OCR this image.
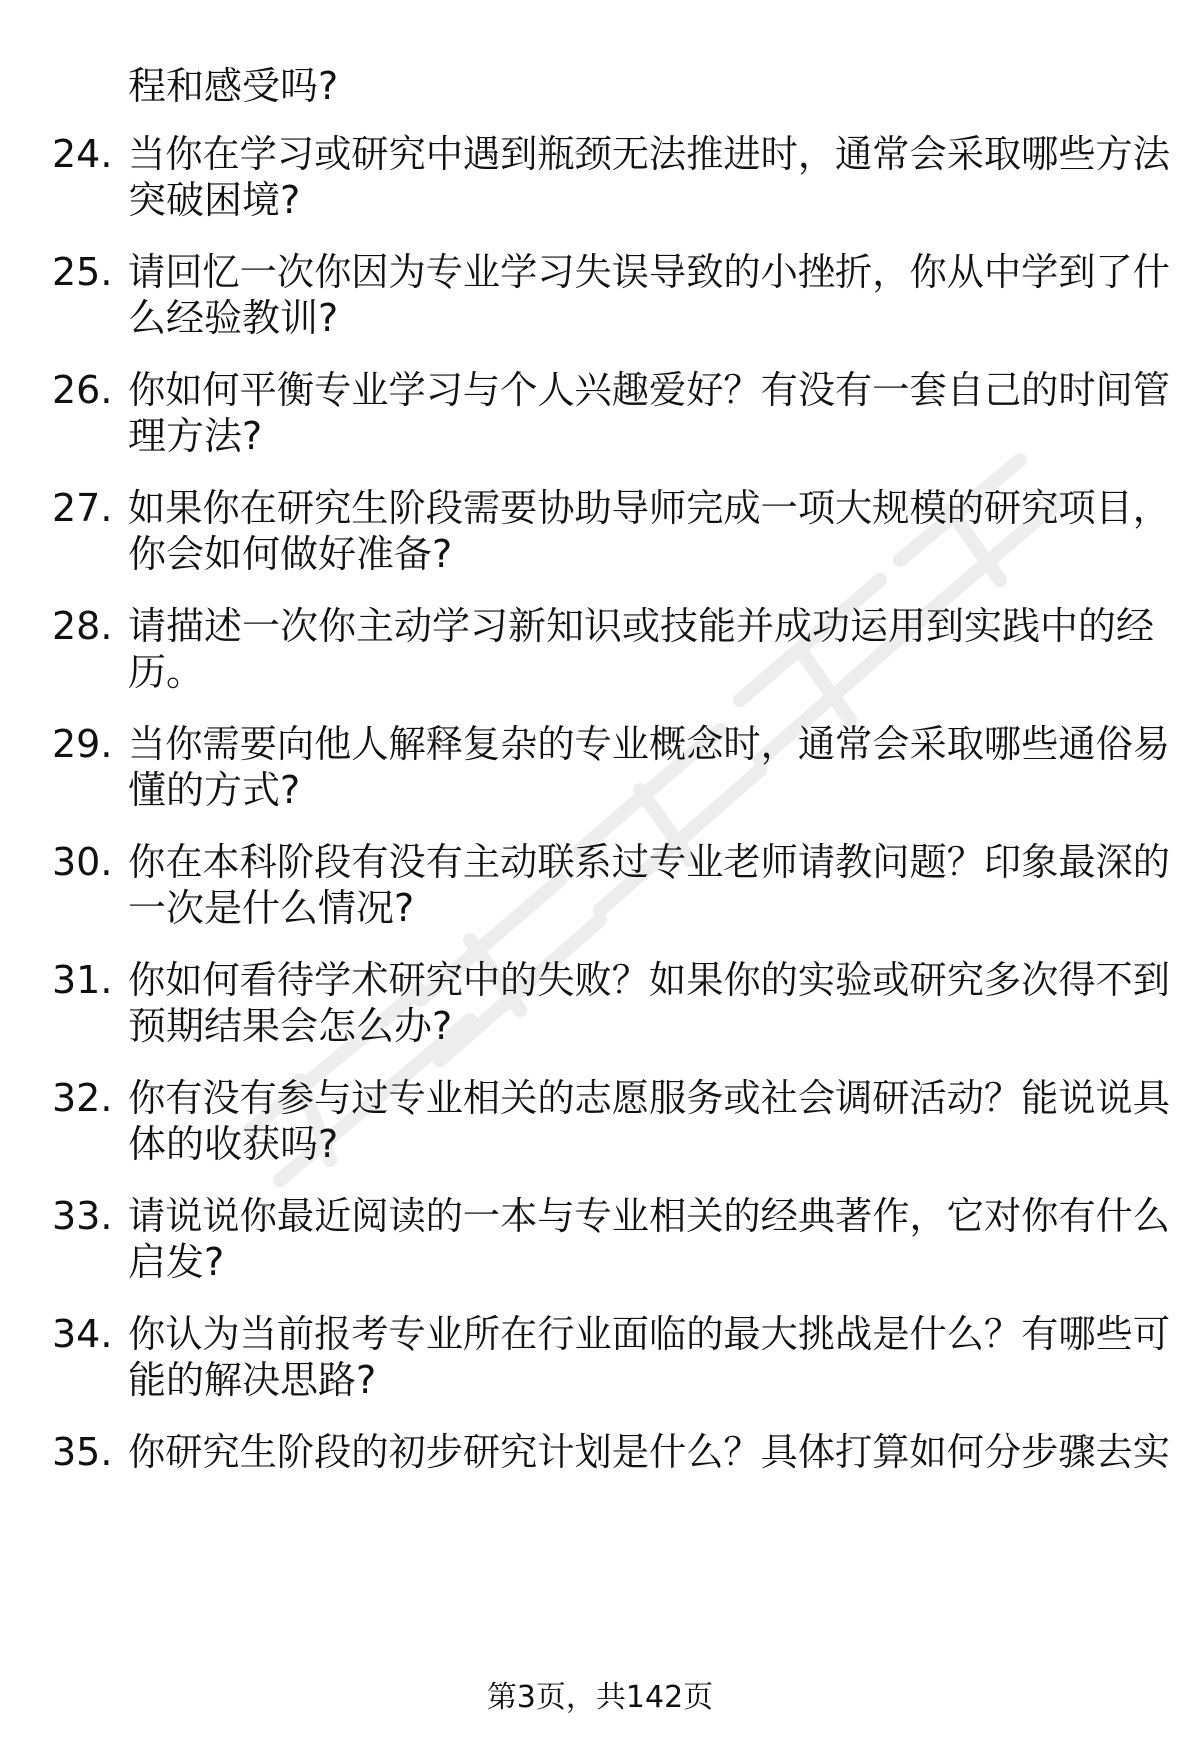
程和感受吗?
24. 当你在学习或研究中遇到瓶颈无法推进时，通常会采取哪些方法
突破困境?
25. 请回忆一次你因为专业学习失误导致的小挫折，你从中学到了什
么经验教训?
26. 你如何平衡专业学习与个人兴趣爱好？有没有一套自己的时间管
理方法?
27. 如果你在研究生阶段需要协助导师完成一项大规模的研究项目，
你会如何做好准备?
28. 请描述一次你主动学习新知识或技能并成功运用到实践中的经
历。
29. 当你需要向他人解释复杂的专业概念时，通常会采取哪些通俗易
懂的方式?
30. 你在本科阶段有没有主动联系过专业老师请教问题？印象最深的
一次是什么情况?
31. 你如何看待学术研究中的失败？如果你的实验或研究多次得不到
预期结果会怎么办?
32. 你有没有参与过专业相关的志愿服务或社会调研活动？能说说具
体的收获吗?
33. 请说说你最近阅读的一本与专业相关的经典著作，它对你有什么
启发?
34. 你认为当前报考专业所在行业面临的最大挑战是什么？有哪些可
能的解决思路?
35. 你研究生阶段的初步研究计划是什么？具体打算如何分步骤去实
第3页，共142页
